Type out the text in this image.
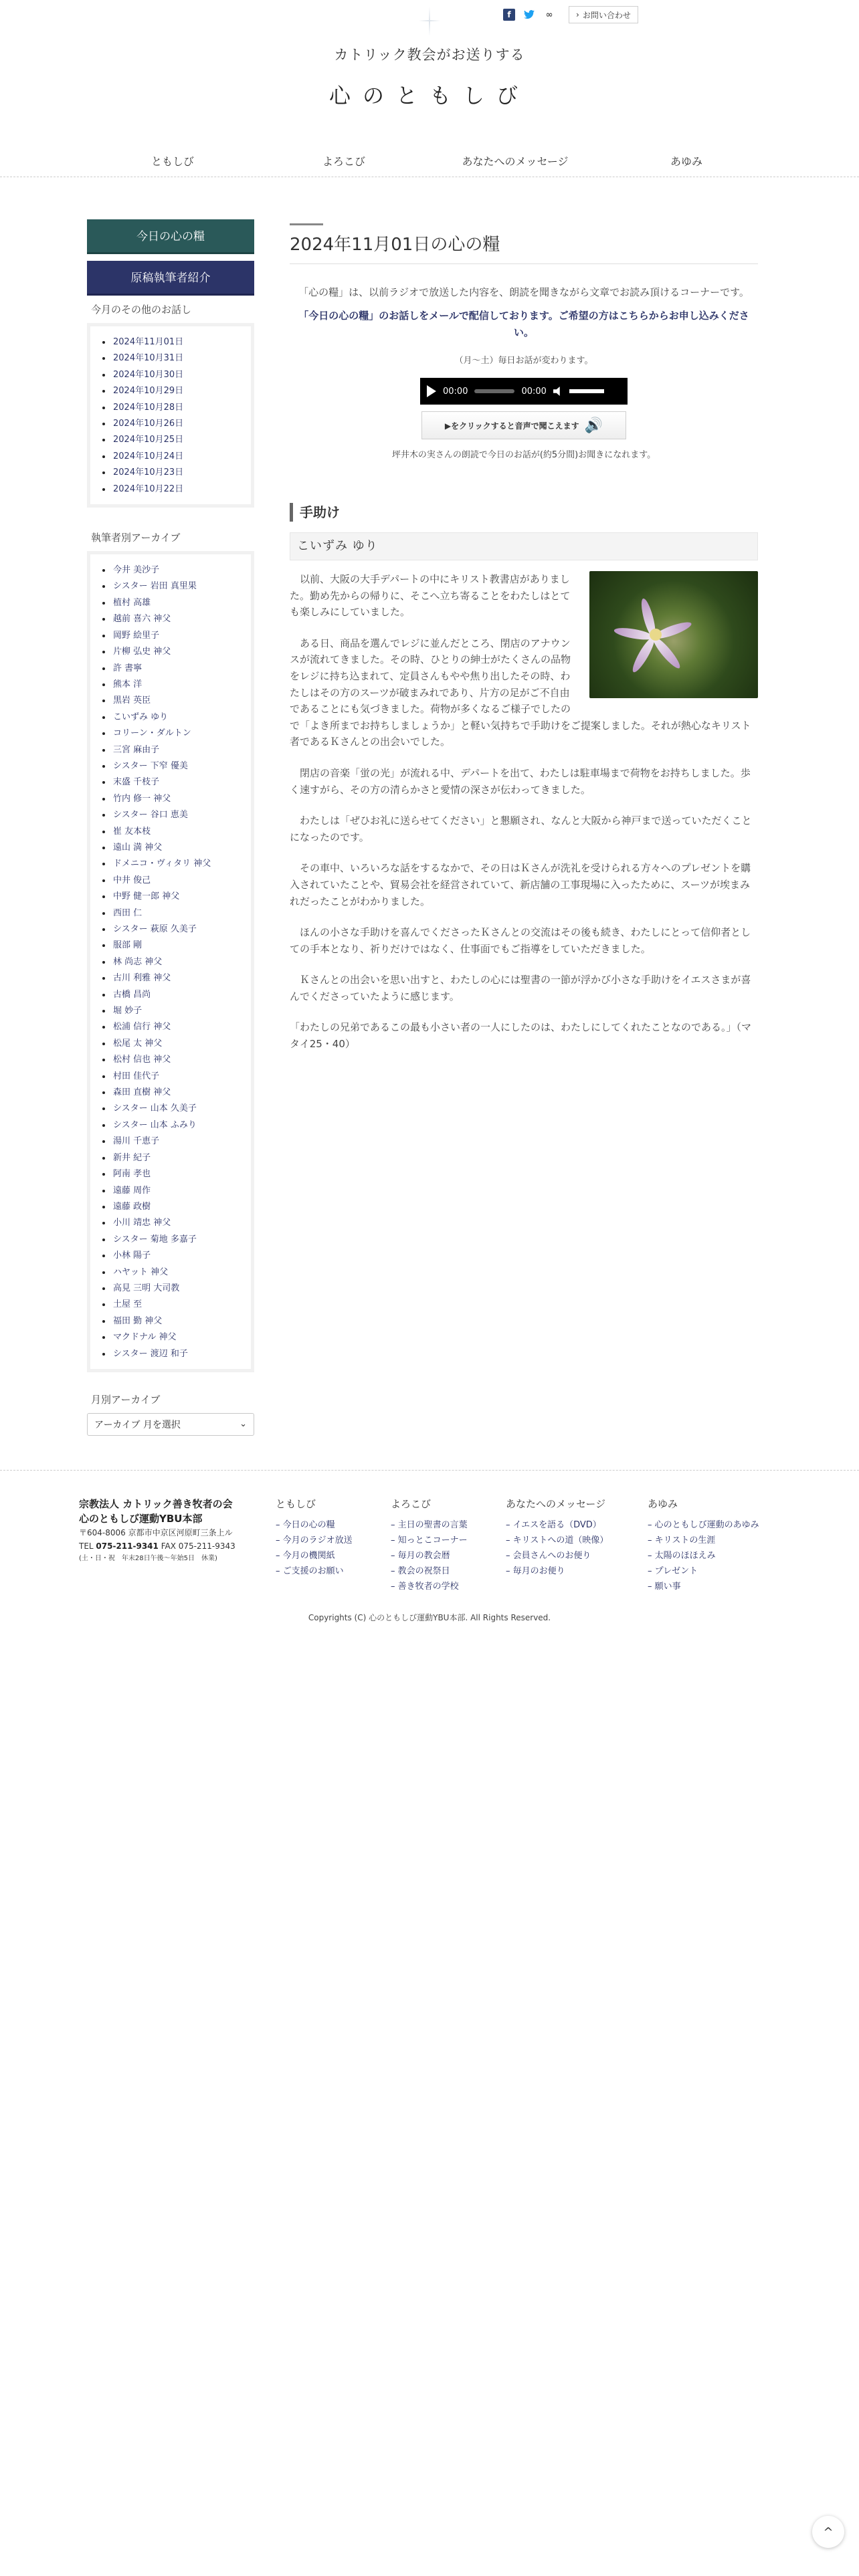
f	∞	› お問い合わせ
カトリック教会がお送りする
心のともしび
ともしび	よろこび	あなたへのメッセージ	あゆみ
今日の心の糧
原稿執筆者紹介
今月のその他のお話し
2024年11月01日
2024年10月31日
2024年10月30日
2024年10月29日
2024年10月28日
2024年10月26日
2024年10月25日
2024年10月24日
2024年10月23日
2024年10月22日
執筆者別アーカイブ
今井 美沙子
シスター 岩田 真里果
植村 高雄
越前 喜六 神父
岡野 絵里子
片柳 弘史 神父
許 書寧
熊本 洋
黒岩 英臣
こいずみ ゆり
コリーン・ダルトン
三宮 麻由子
シスター 下窄 優美
末盛 千枝子
竹内 修一 神父
シスター 谷口 恵美
崔 友本枝
遠山 満 神父
ドメニコ・ヴィタリ 神父
中井 俊己
中野 健一郎 神父
西田 仁
シスター 萩原 久美子
服部 剛
林 尚志 神父
古川 利雅 神父
古橋 昌尚
堀 妙子
松浦 信行 神父
松尾 太 神父
松村 信也 神父
村田 佳代子
森田 直樹 神父
シスター 山本 久美子
シスター 山本 ふみり
湯川 千恵子
新井 紀子
阿南 孝也
遠藤 周作
遠藤 政樹
小川 靖忠 神父
シスター 菊地 多嘉子
小林 陽子
ハヤット 神父
高見 三明 大司教
土屋 至
福田 勤 神父
マクドナル 神父
シスター 渡辺 和子
月別アーカイブ
アーカイブ 月を選択	⌄
2024年11月01日の心の糧

「心の糧」は、以前ラジオで放送した内容を、朗読を聞きながら文章でお読み頂けるコーナーです。

「今日の心の糧」のお話しをメールで配信しております。ご希望の方はこちらからお申し込みください。

（月〜土）毎日お話が変わります。

00:00	00:00
▶をクリックすると音声で聞こえます 🔊

坪井木の実さんの朗読で今日のお話が(約5分間)お聞きになれます。

手助け
こいずみ ゆり

以前、大阪の大手デパートの中にキリスト教書店がありました。勤め先からの帰りに、そこへ立ち寄ることをわたしはとても楽しみにしていました。

ある日、商品を選んでレジに並んだところ、閉店のアナウンスが流れてきました。その時、ひとりの紳士がたくさんの品物をレジに持ち込まれて、定員さんもやや焦り出したその時、わたしはその方のスーツが破まみれであり、片方の足がご不自由であることにも気づきました。荷物が多くなるご様子でしたので「よき所までお持ちしましょうか」と軽い気持ちで手助けをご提案しました。それが熱心なキリスト者であるＫさんとの出会いでした。

閉店の音楽「蛍の光」が流れる中、デパートを出て、わたしは駐車場まで荷物をお持ちしました。歩く速すがら、その方の清らかさと愛情の深さが伝わってきました。

わたしは「ぜひお礼に送らせてください」と懇願され、なんと大阪から神戸まで送っていただくことになったのです。

その車中、いろいろな話をするなかで、その日はＫさんが洗礼を受けられる方々へのプレゼントを購入されていたことや、貿易会社を経営されていて、新店舗の工事現場に入ったために、スーツが埃まみれだったことがわかりました。

ほんの小さな手助けを喜んでくださったＫさんとの交流はその後も続き、わたしにとって信仰者としての手本となり、祈りだけではなく、仕事面でもご指導をしていただきました。

Ｋさんとの出会いを思い出すと、わたしの心には聖書の一節が浮かび小さな手助けをイエスさまが喜んでくださっていたように感じます。

「わたしの兄弟であるこの最も小さい者の一人にしたのは、わたしにしてくれたことなのである。」（マタイ25・40）

宗教法人 カトリック善き牧者の会
心のともしび運動YBU本部
〒604-8006 京都市中京区河原町三条上ル
TEL 075-211-9341 FAX 075-211-9343
(土・日・祝　年末28日午後〜年始5日　休業)
ともしび
– 今日の心の糧
– 今月のラジオ放送
– 今月の機関紙
– ご支援のお願い
よろこび
– 主日の聖書の言葉
– 知っとこコーナー
– 毎月の教会暦
– 教会の祝祭日
– 善き牧者の学校
あなたへのメッセージ
– イエスを語る（DVD）
– キリストへの道（映像）
– 会員さんへのお便り
– 毎月のお便り
あゆみ
– 心のともしび運動のあゆみ
– キリストの生涯
– 太陽のほほえみ
– プレゼント
– 願い事
Copyrights (C) 心のともしび運動YBU本部. All Rights Reserved.
^
